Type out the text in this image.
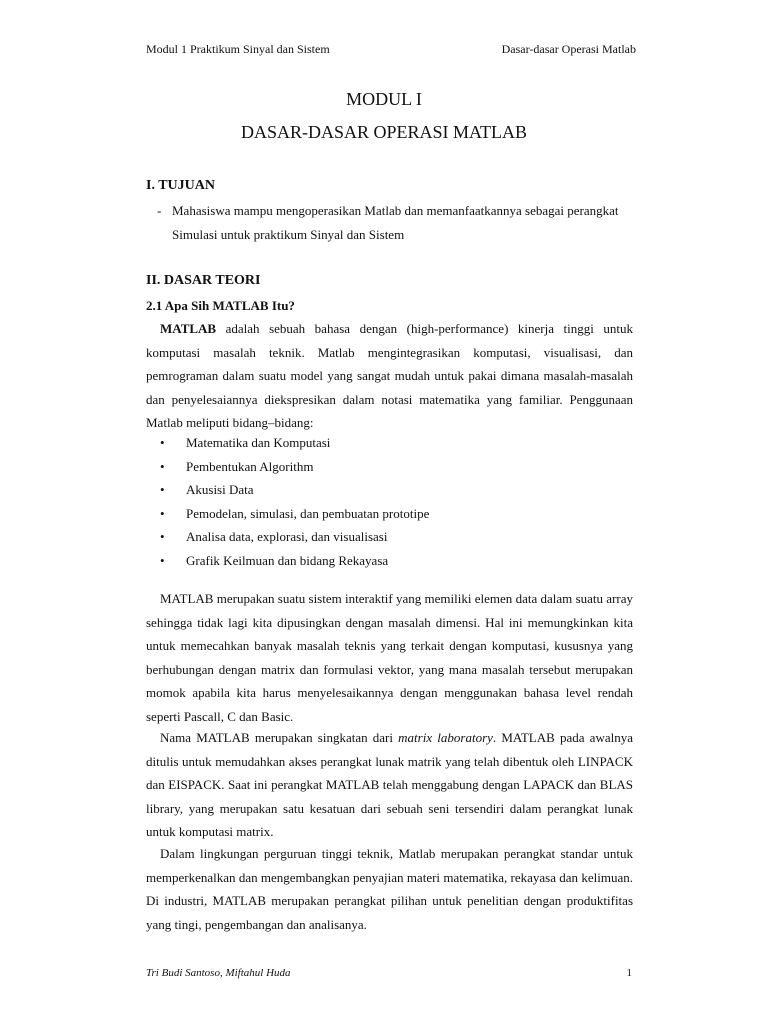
Modul 1 Praktikum Sinyal dan Sistem	Dasar-dasar Operasi Matlab
MODUL I
DASAR-DASAR OPERASI MATLAB
I. TUJUAN
- Mahasiswa mampu mengoperasikan Matlab dan memanfaatkannya sebagai perangkat Simulasi untuk praktikum Sinyal dan Sistem
II. DASAR TEORI
2.1 Apa Sih MATLAB Itu?

MATLAB adalah sebuah bahasa dengan (high-performance) kinerja tinggi untuk komputasi masalah teknik. Matlab mengintegrasikan komputasi, visualisasi, dan pemrograman dalam suatu model yang sangat mudah untuk pakai dimana masalah-masalah dan penyelesaiannya diekspresikan dalam notasi matematika yang familiar. Penggunaan Matlab meliputi bidang–bidang:

• Matematika dan Komputasi
• Pembentukan Algorithm
• Akusisi Data
• Pemodelan, simulasi, dan pembuatan prototipe
• Analisa data, explorasi, dan visualisasi
• Grafik Keilmuan dan bidang Rekayasa

MATLAB merupakan suatu sistem interaktif yang memiliki elemen data dalam suatu array sehingga tidak lagi kita dipusingkan dengan masalah dimensi. Hal ini memungkinkan kita untuk memecahkan banyak masalah teknis yang terkait dengan komputasi, kususnya yang berhubungan dengan matrix dan formulasi vektor, yang mana masalah tersebut merupakan momok apabila kita harus menyelesaikannya dengan menggunakan bahasa level rendah seperti Pascall, C dan Basic.

Nama MATLAB merupakan singkatan dari matrix laboratory. MATLAB pada awalnya ditulis untuk memudahkan akses perangkat lunak matrik yang telah dibentuk oleh LINPACK dan EISPACK. Saat ini perangkat MATLAB telah menggabung dengan LAPACK dan BLAS library, yang merupakan satu kesatuan dari sebuah seni tersendiri dalam perangkat lunak untuk komputasi matrix.

Dalam lingkungan perguruan tinggi teknik, Matlab merupakan perangkat standar untuk memperkenalkan dan mengembangkan penyajian materi matematika, rekayasa dan kelimuan. Di industri, MATLAB merupakan perangkat pilihan untuk penelitian dengan produktifitas yang tingi, pengembangan dan analisanya.

Tri Budi Santoso, Miftahul Huda	1
